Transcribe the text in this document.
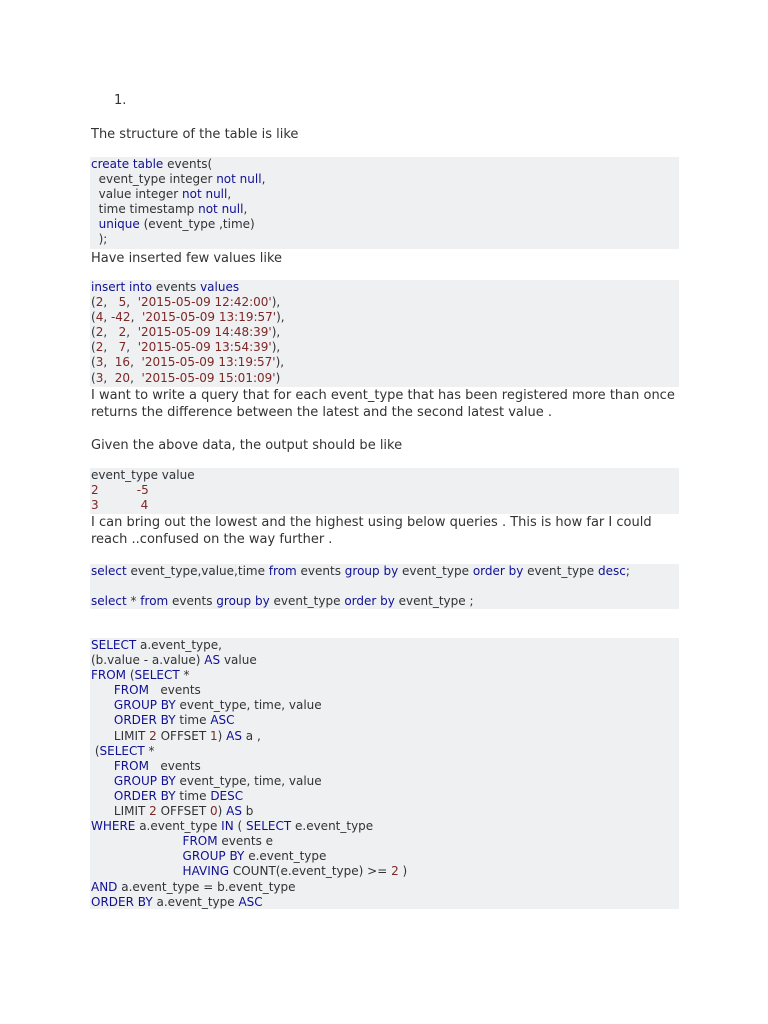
1.

The structure of the table is like

create table events(
event_type integer not null,
value integer not null,
time timestamp not null,
unique (event_type ,time)
);

Have inserted few values like

insert into events values
(2,   5,  '2015-05-09 12:42:00'),
(4, -42,  '2015-05-09 13:19:57'),
(2,   2,  '2015-05-09 14:48:39'),
(2,   7,  '2015-05-09 13:54:39'),
(3,  16,  '2015-05-09 13:19:57'),
(3,  20,  '2015-05-09 15:01:09')

I want to write a query that for each event_type that has been registered more than once returns the difference between the latest and the second latest value .

Given the above data, the output should be like

event_type value
2	-5
3	4

I can bring out the lowest and the highest using below queries . This is how far I could reach ..confused on the way further .

select event_type,value,time from events group by event_type order by event_type desc;

select * from events group by event_type order by event_type ;
SELECT a.event_type,
(b.value - a.value) AS value
FROM (SELECT *
FROM   events
GROUP BY event_type, time, value
ORDER BY time ASC
LIMIT 2 OFFSET 1) AS a ,
(SELECT *
FROM   events
GROUP BY event_type, time, value
ORDER BY time DESC
LIMIT 2 OFFSET 0) AS b
WHERE a.event_type IN ( SELECT e.event_type
FROM events e
GROUP BY e.event_type
HAVING COUNT(e.event_type) >= 2 )
AND a.event_type = b.event_type
ORDER BY a.event_type ASC
